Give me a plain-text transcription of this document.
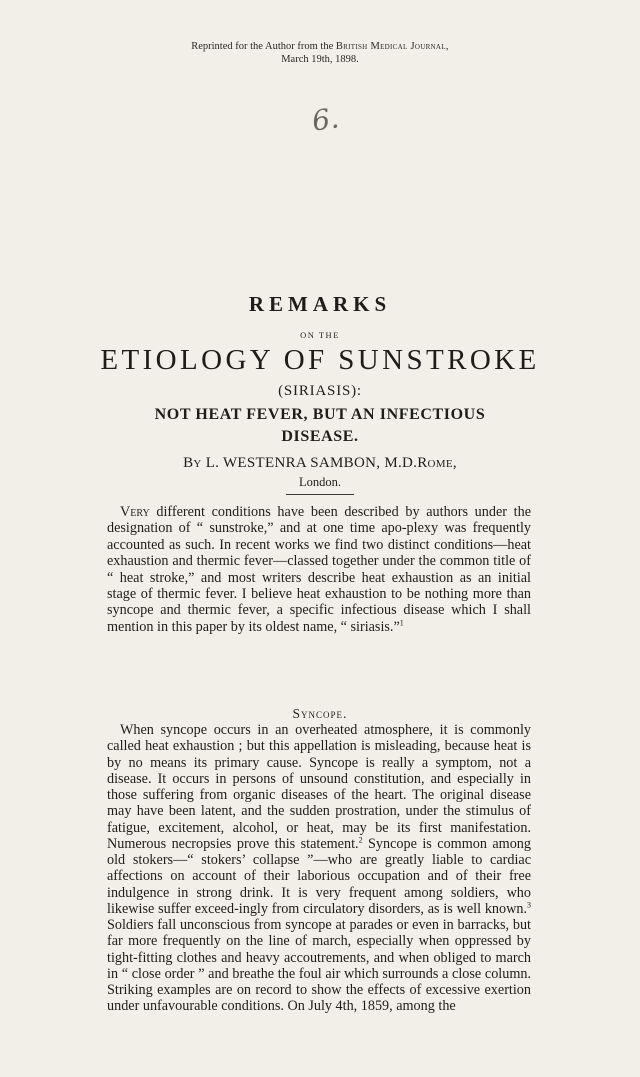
Reprinted for the Author from the British Medical Journal,
March 19th, 1898.
6.
REMARKS
ON THE
ETIOLOGY OF SUNSTROKE
(SIRIASIS):
NOT HEAT FEVER, BUT AN INFECTIOUS
DISEASE.
By L. WESTENRA SAMBON, M.D.Rome,
London.
Very different conditions have been described by authors under the designation of “ sunstroke,” and at one time apo-plexy was frequently accounted as such. In recent works we find two distinct conditions—heat exhaustion and thermic fever—classed together under the common title of “ heat stroke,” and most writers describe heat exhaustion as an initial stage of thermic fever. I believe heat exhaustion to be nothing more than syncope and thermic fever, a specific infectious disease which I shall mention in this paper by its oldest name, “ siriasis.”$^1$
Syncope.
When syncope occurs in an overheated atmosphere, it is commonly called heat exhaustion ; but this appellation is misleading, because heat is by no means its primary cause. Syncope is really a symptom, not a disease. It occurs in persons of unsound constitution, and especially in those suffering from organic diseases of the heart. The original disease may have been latent, and the sudden prostration, under the stimulus of fatigue, excitement, alcohol, or heat, may be its first manifestation. Numerous necropsies prove this statement.$^2$ Syncope is common among old stokers—“ stokers’ collapse ”—who are greatly liable to cardiac affections on account of their laborious occupation and of their free indulgence in strong drink. It is very frequent among soldiers, who likewise suffer exceed-ingly from circulatory disorders, as is well known.$^3$ Soldiers fall unconscious from syncope at parades or even in barracks, but far more frequently on the line of march, especially when oppressed by tight-fitting clothes and heavy accoutrements, and when obliged to march in “ close order ” and breathe the foul air which surrounds a close column. Striking examples are on record to show the effects of excessive exertion under unfavourable conditions. On July 4th, 1859, among the
